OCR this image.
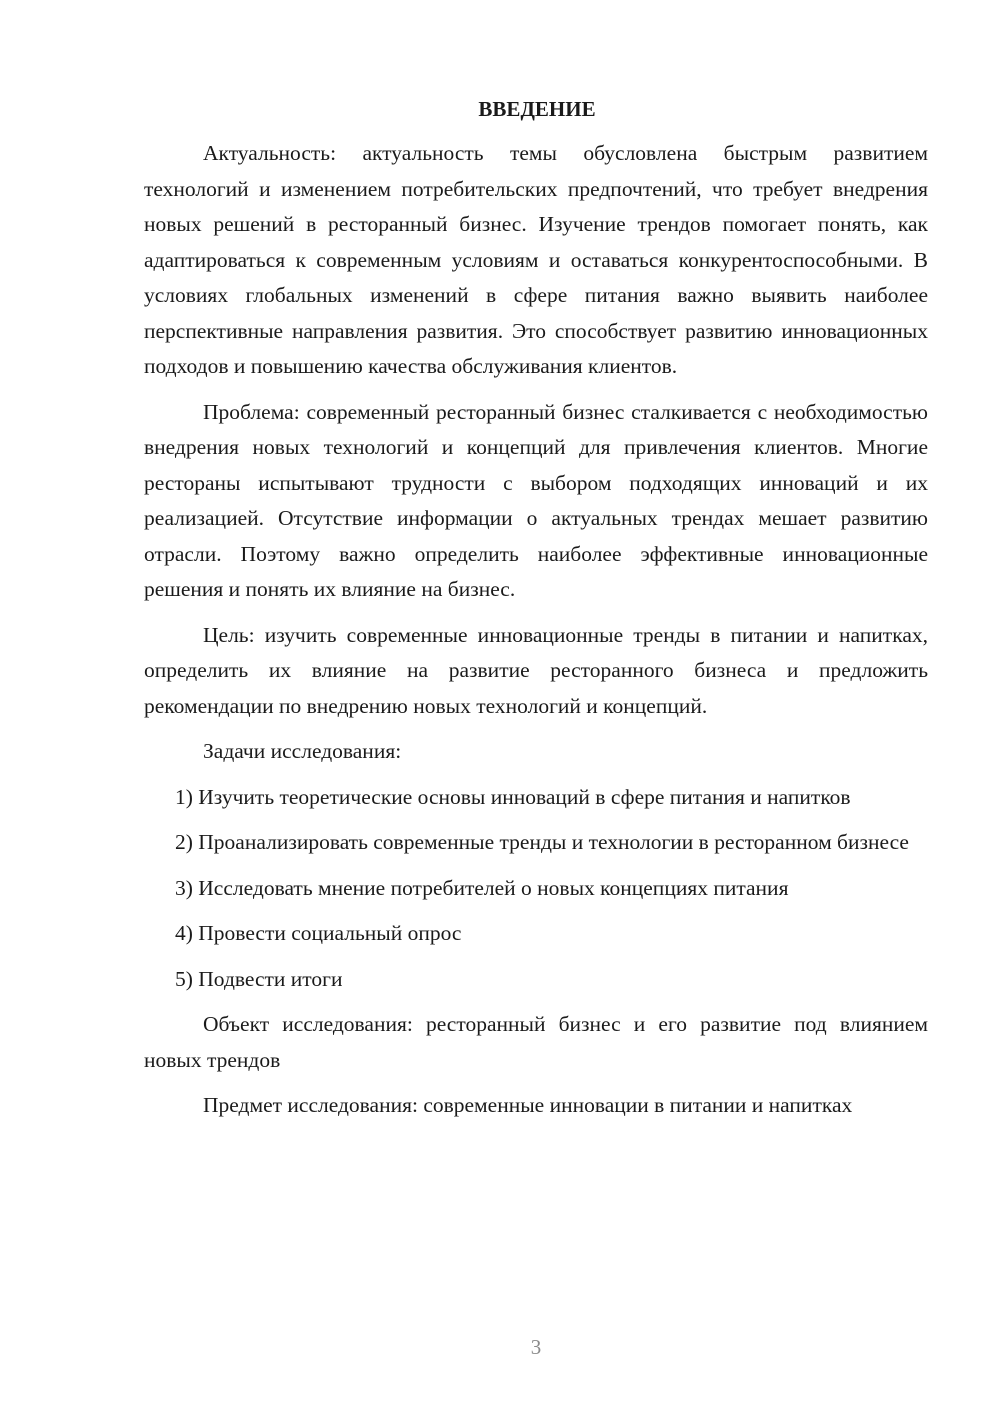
ВВЕДЕНИЕ

Актуальность: актуальность темы обусловлена быстрым развитием технологий и изменением потребительских предпочтений, что требует внедрения новых решений в ресторанный бизнес. Изучение трендов помогает понять, как адаптироваться к современным условиям и оставаться конкурентоспособными. В условиях глобальных изменений в сфере питания важно выявить наиболее перспективные направления развития. Это способствует развитию инновационных подходов и повышению качества обслуживания клиентов.

Проблема: современный ресторанный бизнес сталкивается с необходимостью внедрения новых технологий и концепций для привлечения клиентов. Многие рестораны испытывают трудности с выбором подходящих инноваций и их реализацией. Отсутствие информации о актуальных трендах мешает развитию отрасли. Поэтому важно определить наиболее эффективные инновационные решения и понять их влияние на бизнес.

Цель: изучить современные инновационные тренды в питании и напитках, определить их влияние на развитие ресторанного бизнеса и предложить рекомендации по внедрению новых технологий и концепций.

Задачи исследования:

1) Изучить теоретические основы инноваций в сфере питания и напитков

2) Проанализировать современные тренды и технологии в ресторанном бизнесе

3) Исследовать мнение потребителей о новых концепциях питания

4) Провести социальный опрос

5) Подвести итоги

Объект исследования: ресторанный бизнес и его развитие под влиянием новых трендов

Предмет исследования: современные инновации в питании и напитках

3
